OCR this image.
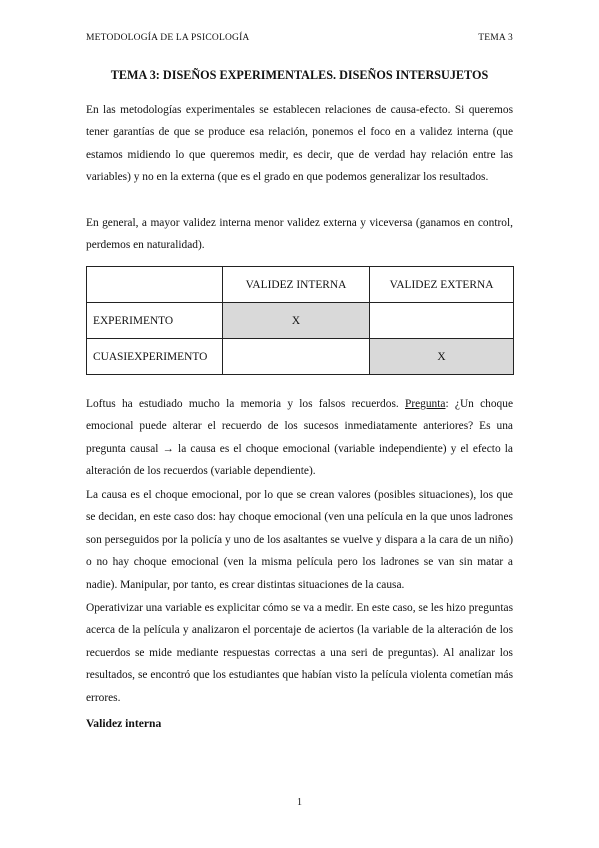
METODOLOGÍA DE LA PSICOLOGÍA	TEMA 3
TEMA 3: DISEÑOS EXPERIMENTALES. DISEÑOS INTERSUJETOS
En las metodologías experimentales se establecen relaciones de causa-efecto. Si queremos tener garantías de que se produce esa relación, ponemos el foco en a validez interna (que estamos midiendo lo que queremos medir, es decir, que de verdad hay relación entre las variables) y no en la externa (que es el grado en que podemos generalizar los resultados.
En general, a mayor validez interna menor validez externa y viceversa (ganamos en control, perdemos en naturalidad).
	VALIDEZ INTERNA	VALIDEZ EXTERNA
EXPERIMENTO	X	
CUASIEXPERIMENTO		X
Loftus ha estudiado mucho la memoria y los falsos recuerdos. Pregunta: ¿Un choque emocional puede alterar el recuerdo de los sucesos inmediatamente anteriores? Es una pregunta causal → la causa es el choque emocional (variable independiente) y el efecto la alteración de los recuerdos (variable dependiente).
La causa es el choque emocional, por lo que se crean valores (posibles situaciones), los que se decidan, en este caso dos: hay choque emocional (ven una película en la que unos ladrones son perseguidos por la policía y uno de los asaltantes se vuelve y dispara a la cara de un niño) o no hay choque emocional (ven la misma película pero los ladrones se van sin matar a nadie). Manipular, por tanto, es crear distintas situaciones de la causa.
Operativizar una variable es explicitar cómo se va a medir. En este caso, se les hizo preguntas acerca de la película y analizaron el porcentaje de aciertos (la variable de la alteración de los recuerdos se mide mediante respuestas correctas a una seri de preguntas). Al analizar los resultados, se encontró que los estudiantes que habían visto la película violenta cometían más errores.
Validez interna
1
